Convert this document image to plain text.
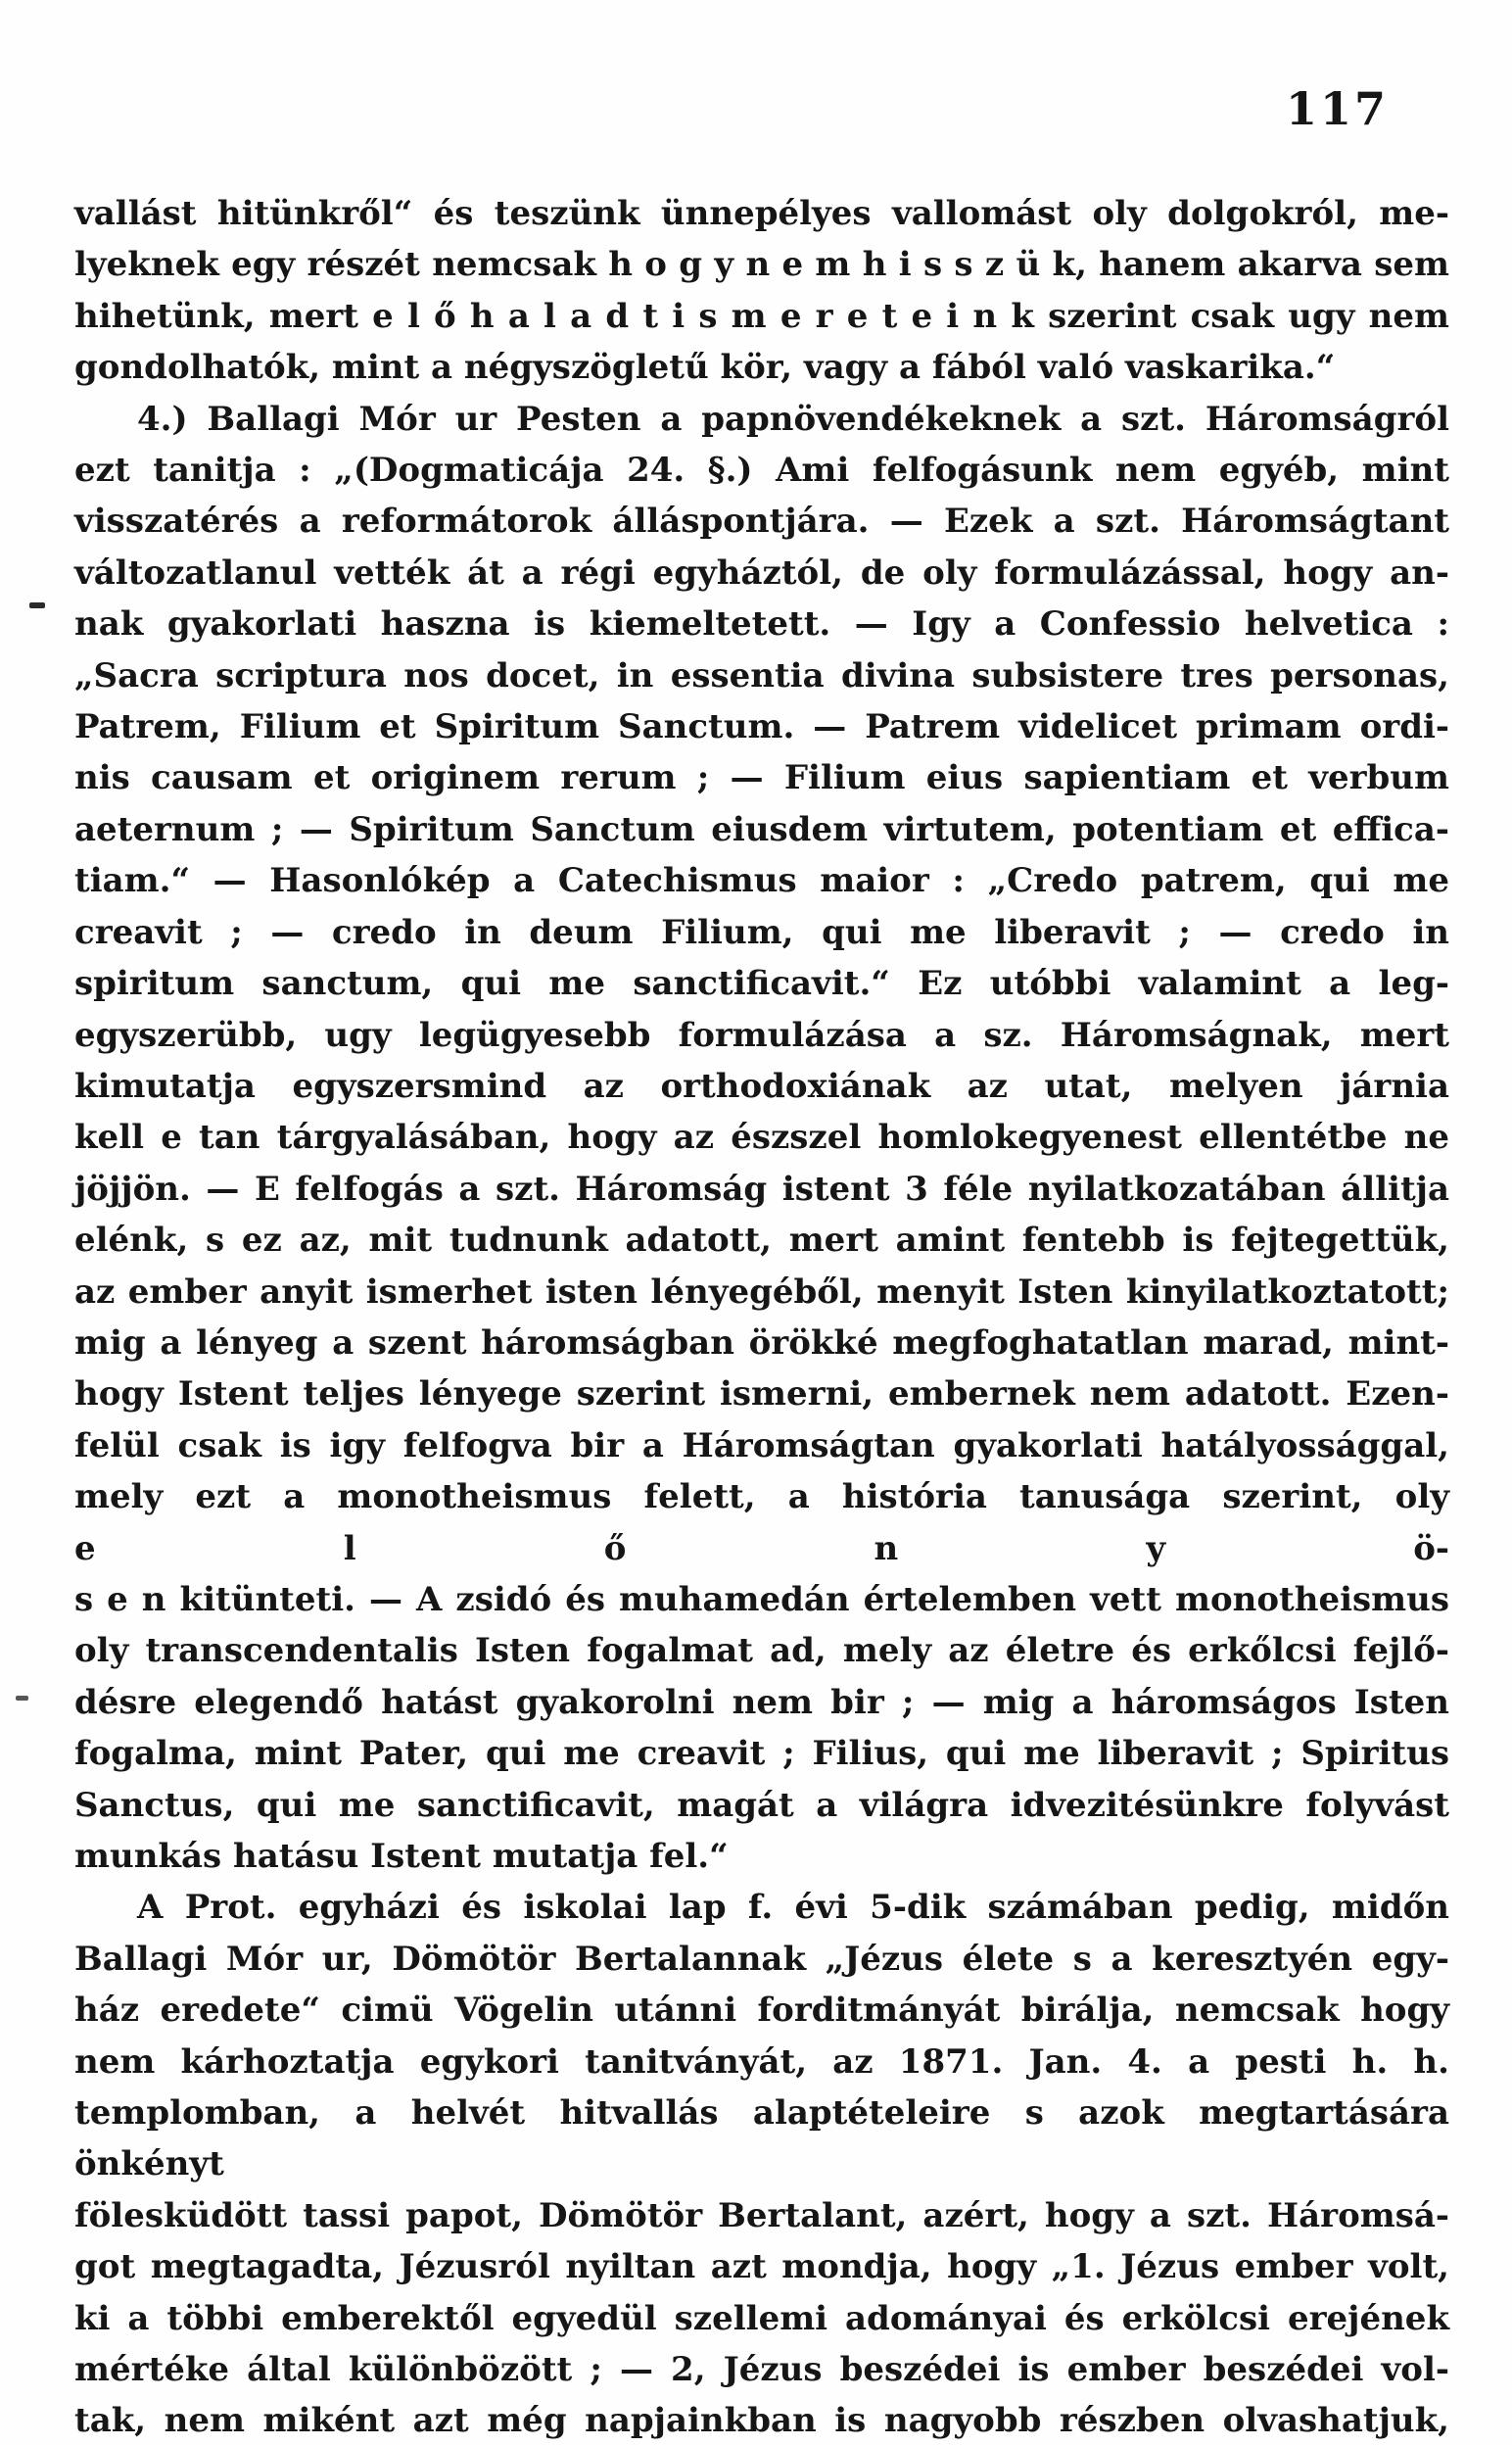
117
vallást hitünkről“ és teszünk ünnepélyes vallomást oly dolgokról, me-
lyeknek egy részét nemcsak h o g y n e m h i s s z ü k, hanem akarva sem
hihetünk, mert e l ő h a l a d t i s m e r e t e i n k szerint csak ugy nem
gondolhatók, mint a négyszögletű kör, vagy a fából való vaskarika.“
4.) Ballagi Mór ur Pesten a papnövendékeknek a szt. Háromságról
ezt tanitja : „(Dogmaticája 24. §.) Ami felfogásunk nem egyéb, mint
visszatérés a reformátorok álláspontjára. — Ezek a szt. Háromságtant
változatlanul vették át a régi egyháztól, de oly formulázással, hogy an-
nak gyakorlati haszna is kiemeltetett. — Igy a Confessio helvetica :
„Sacra scriptura nos docet, in essentia divina subsistere tres personas,
Patrem, Filium et Spiritum Sanctum. — Patrem videlicet primam ordi-
nis causam et originem rerum ; — Filium eius sapientiam et verbum
aeternum ; — Spiritum Sanctum eiusdem virtutem, potentiam et effica-
tiam.“ — Hasonlókép a Catechismus maior : „Credo patrem, qui me
creavit ; — credo in deum Filium, qui me liberavit ; — credo in
spiritum sanctum, qui me sanctificavit.“ Ez utóbbi valamint a leg-
egyszerübb, ugy legügyesebb formulázása a sz. Háromságnak, mert
kimutatja egyszersmind az orthodoxiának az utat, melyen járnia
kell e tan tárgyalásában, hogy az észszel homlokegyenest ellentétbe ne
jöjjön. — E felfogás a szt. Háromság istent 3 féle nyilatkozatában állitja
elénk, s ez az, mit tudnunk adatott, mert amint fentebb is fejtegettük,
az ember anyit ismerhet isten lényegéből, menyit Isten kinyilatkoztatott;
mig a lényeg a szent háromságban örökké megfoghatatlan marad, mint-
hogy Istent teljes lényege szerint ismerni, embernek nem adatott. Ezen-
felül csak is igy felfogva bir a Háromságtan gyakorlati hatályossággal,
mely ezt a monotheismus felett, a história tanusága szerint, oly e l ő n y ö-
s e n kitünteti. — A zsidó és muhamedán értelemben vett monotheismus
oly transcendentalis Isten fogalmat ad, mely az életre és erkőlcsi fejlő-
désre elegendő hatást gyakorolni nem bir ; — mig a háromságos Isten
fogalma, mint Pater, qui me creavit ; Filius, qui me liberavit ; Spiritus
Sanctus, qui me sanctificavit, magát a világra idvezitésünkre folyvást
munkás hatásu Istent mutatja fel.“
A Prot. egyházi és iskolai lap f. évi 5-dik számában pedig, midőn
Ballagi Mór ur, Dömötör Bertalannak „Jézus élete s a keresztyén egy-
ház eredete“ cimü Vögelin utánni forditmányát birálja, nemcsak hogy
nem kárhoztatja egykori tanitványát, az 1871. Jan. 4. a pesti h. h.
templomban, a helvét hitvallás alaptételeire s azok megtartására önkényt
fölesküdött tassi papot, Dömötör Bertalant, azért, hogy a szt. Háromsá-
got megtagadta, Jézusról nyiltan azt mondja, hogy „1. Jézus ember volt,
ki a többi emberektől egyedül szellemi adományai és erkölcsi erejének
mértéke által különbözött ; — 2, Jézus beszédei is ember beszédei vol-
tak, nem miként azt még napjainkban is nagyobb részben olvashatjuk,
